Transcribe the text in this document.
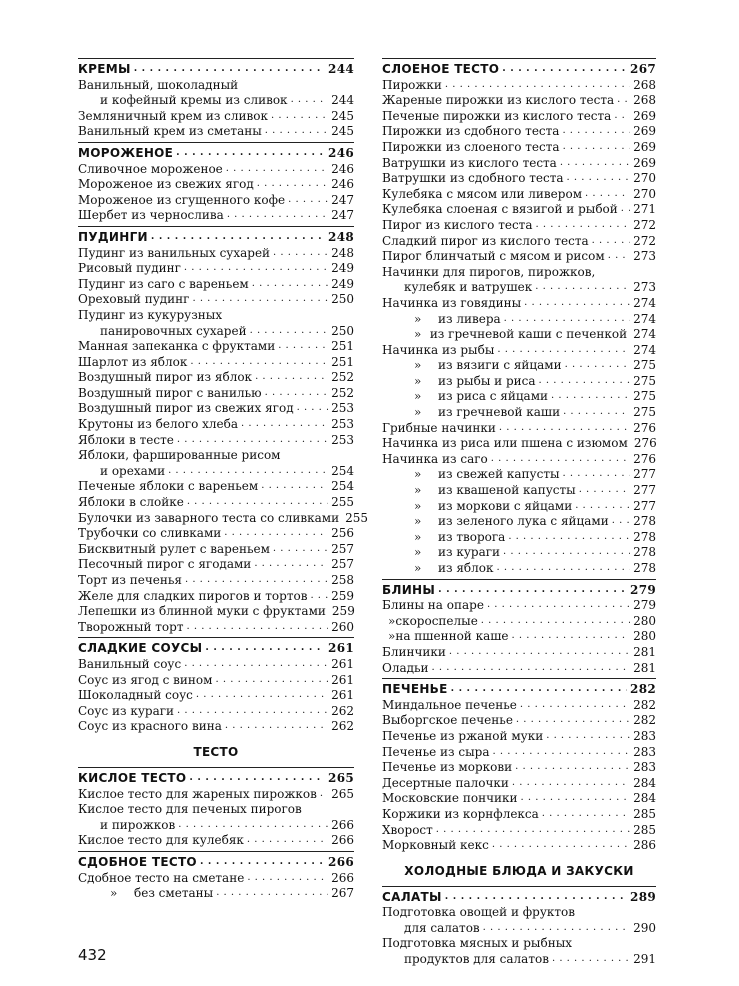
КРЕМЫ . . .	244
Ванильный, шоколадный
и кофейный кремы из сливок . . .	244
Земляничный крем из сливок . . .	245
Ванильный крем из сметаны . . .	245
МОРОЖЕНОЕ . . .	246
Сливочное мороженое . . .	246
Мороженое из свежих ягод . . .	246
Мороженое из сгущенного кофе . . .	247
Шербет из чернослива . . .	247
ПУДИНГИ . . .	248
Пудинг из ванильных сухарей . . .	248
Рисовый пудинг . . .	249
Пудинг из саго с вареньем . . .	249
Ореховый пудинг . . .	250
Пудинг из кукурузных
панировочных сухарей . . .	250
Манная запеканка с фруктами . . .	251
Шарлот из яблок . . .	251
Воздушный пирог из яблок . . .	252
Воздушный пирог с ванилью . . .	252
Воздушный пирог из свежих ягод . . .	253
Крутоны из белого хлеба . . .	253
Яблоки в тесте . . .	253
Яблоки, фаршированные рисом
и орехами . . .	254
Печеные яблоки с вареньем . . .	254
Яблоки в слойке . . .	255
Булочки из заварного теста со сливками 255
Трубочки со сливками . . .	256
Бисквитный рулет с вареньем . . .	257
Песочный пирог с ягодами . . .	257
Торт из печенья . . .	258
Желе для сладких пирогов и тортов . . . 259
Лепешки из блинной муки с фруктами 259
Творожный торт . . .	260
СЛАДКИЕ СОУСЫ . . .	261
Ванильный соус . . .	261
Соус из ягод с вином . . .	261
Шоколадный соус . . .	261
Соус из кураги . . .	262
Соус из красного вина . . .	262
ТЕСТО
КИСЛОЕ ТЕСТО . . .	265
Кислое тесто для жареных пирожков . . . 265
Кислое тесто для печеных пирогов
и пирожков . . .	266
Кислое тесто для кулебяк . . .	266
СДОБНОЕ ТЕСТО . . .	266
Сдобное тесто на сметане . . .	266
»	без сметаны . . .	267
СЛОЕНОЕ ТЕСТО . . .	267
Пирожки . . .	268
Жареные пирожки из кислого теста . . . 268
Печеные пирожки из кислого теста . . . 269
Пирожки из сдобного теста . . .	269
Пирожки из слоеного теста . . .	269
Ватрушки из кислого теста . . .	269
Ватрушки из сдобного теста . . .	270
Кулебяка с мясом или ливером . . .	270
Кулебяка слоеная с вязигой и рыбой . . . 271
Пирог из кислого теста . . .	272
Сладкий пирог из кислого теста . . .	272
Пирог блинчатый с мясом и рисом . . . 273
Начинки для пирогов, пирожков,
кулебяк и ватрушек . . .	273
Начинка из говядины . . .	274
»	из ливера . . .	274
» из гречневой каши с печенкой 274
Начинка из рыбы . . .	274
»	из вязиги с яйцами . . .	275
»	из рыбы и риса . . .	275
»	из риса с яйцами . . .	275
»	из гречневой каши . . .	275
Грибные начинки . . .	276
Начинка из риса или пшена с изюмом 276
Начинка из саго . . .	276
»	из свежей капусты . . .	277
»	из квашеной капусты . . .	277
»	из моркови с яйцами . . .	277
»	из зеленого лука с яйцами . . . 278
»	из творога . . .	278
»	из кураги . . .	278
»	из яблок . . .	278
БЛИНЫ . . .	279
Блины на опаре . . .	279
»скороспелые . . .	280
»на пшенной каше . . .	280
Блинчики . . .	281
Оладьи . . .	281
ПЕЧЕНЬЕ . . .	282
Миндальное печенье . . .	282
Выборгское печенье . . .	282
Печенье из ржаной муки . . .	283
Печенье из сыра . . .	283
Печенье из моркови . . .	283
Десертные палочки . . .	284
Московские пончики . . .	284
Коржики из корнфлекса . . .	285
Хворост . . .	285
Морковный кекс . . .	286
ХОЛОДНЫЕ БЛЮДА И ЗАКУСКИ
САЛАТЫ . . .	289
Подготовка овощей и фруктов
для салатов . . .	290
Подготовка мясных и рыбных
продуктов для салатов . . .	291
432
